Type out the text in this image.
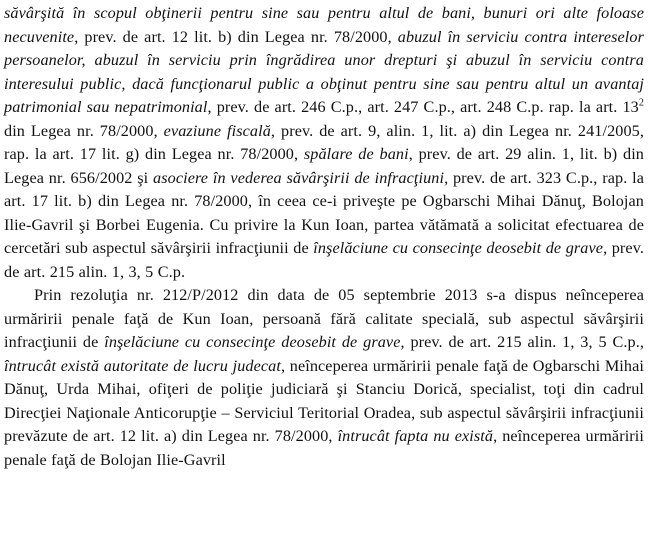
săvârşită în scopul obţinerii pentru sine sau pentru altul de bani, bunuri ori alte foloase necuvenite, prev. de art. 12 lit. b) din Legea nr. 78/2000, abuzul în serviciu contra intereselor persoanelor, abuzul în serviciu prin îngrădirea unor drepturi şi abuzul în serviciu contra interesului public, dacă funcţionarul public a obţinut pentru sine sau pentru altul un avantaj patrimonial sau nepatrimonial, prev. de art. 246 C.p., art. 247 C.p., art. 248 C.p. rap. la art. $13^2$ din Legea nr. 78/2000, evaziune fiscală, prev. de art. 9, alin. 1, lit. a) din Legea nr. 241/2005, rap. la art. 17 lit. g) din Legea nr. 78/2000, spălare de bani, prev. de art. 29 alin. 1, lit. b) din Legea nr. 656/2002 şi asociere în vederea săvârşirii de infracţiuni, prev. de art. 323 C.p., rap. la art. 17 lit. b) din Legea nr. 78/2000, în ceea ce-i priveşte pe Ogbarschi Mihai Dănuţ, Bolojan Ilie-Gavril şi Borbei Eugenia. Cu privire la Kun Ioan, partea vătămată a solicitat efectuarea de cercetări sub aspectul săvârşirii infracţiunii de înşelăciune cu consecinţe deosebit de grave, prev. de art. 215 alin. 1, 3, 5 C.p.

Prin rezoluţia nr. 212/P/2012 din data de 05 septembrie 2013 s-a dispus neînceperea urmăririi penale faţă de Kun Ioan, persoană fără calitate specială, sub aspectul săvârşirii infracţiunii de înşelăciune cu consecinţe deosebit de grave, prev. de art. 215 alin. 1, 3, 5 C.p., întrucât există autoritate de lucru judecat, neînceperea urmăririi penale faţă de Ogbarschi Mihai Dănuţ, Urda Mihai, ofiţeri de poliţie judiciară şi Stanciu Dorică, specialist, toţi din cadrul Direcţiei Naţionale Anticorupţie – Serviciul Teritorial Oradea, sub aspectul săvârşirii infracţiunii prevăzute de art. 12 lit. a) din Legea nr. 78/2000, întrucât fapta nu există, neînceperea urmăririi penale faţă de Bolojan Ilie-Gavril
